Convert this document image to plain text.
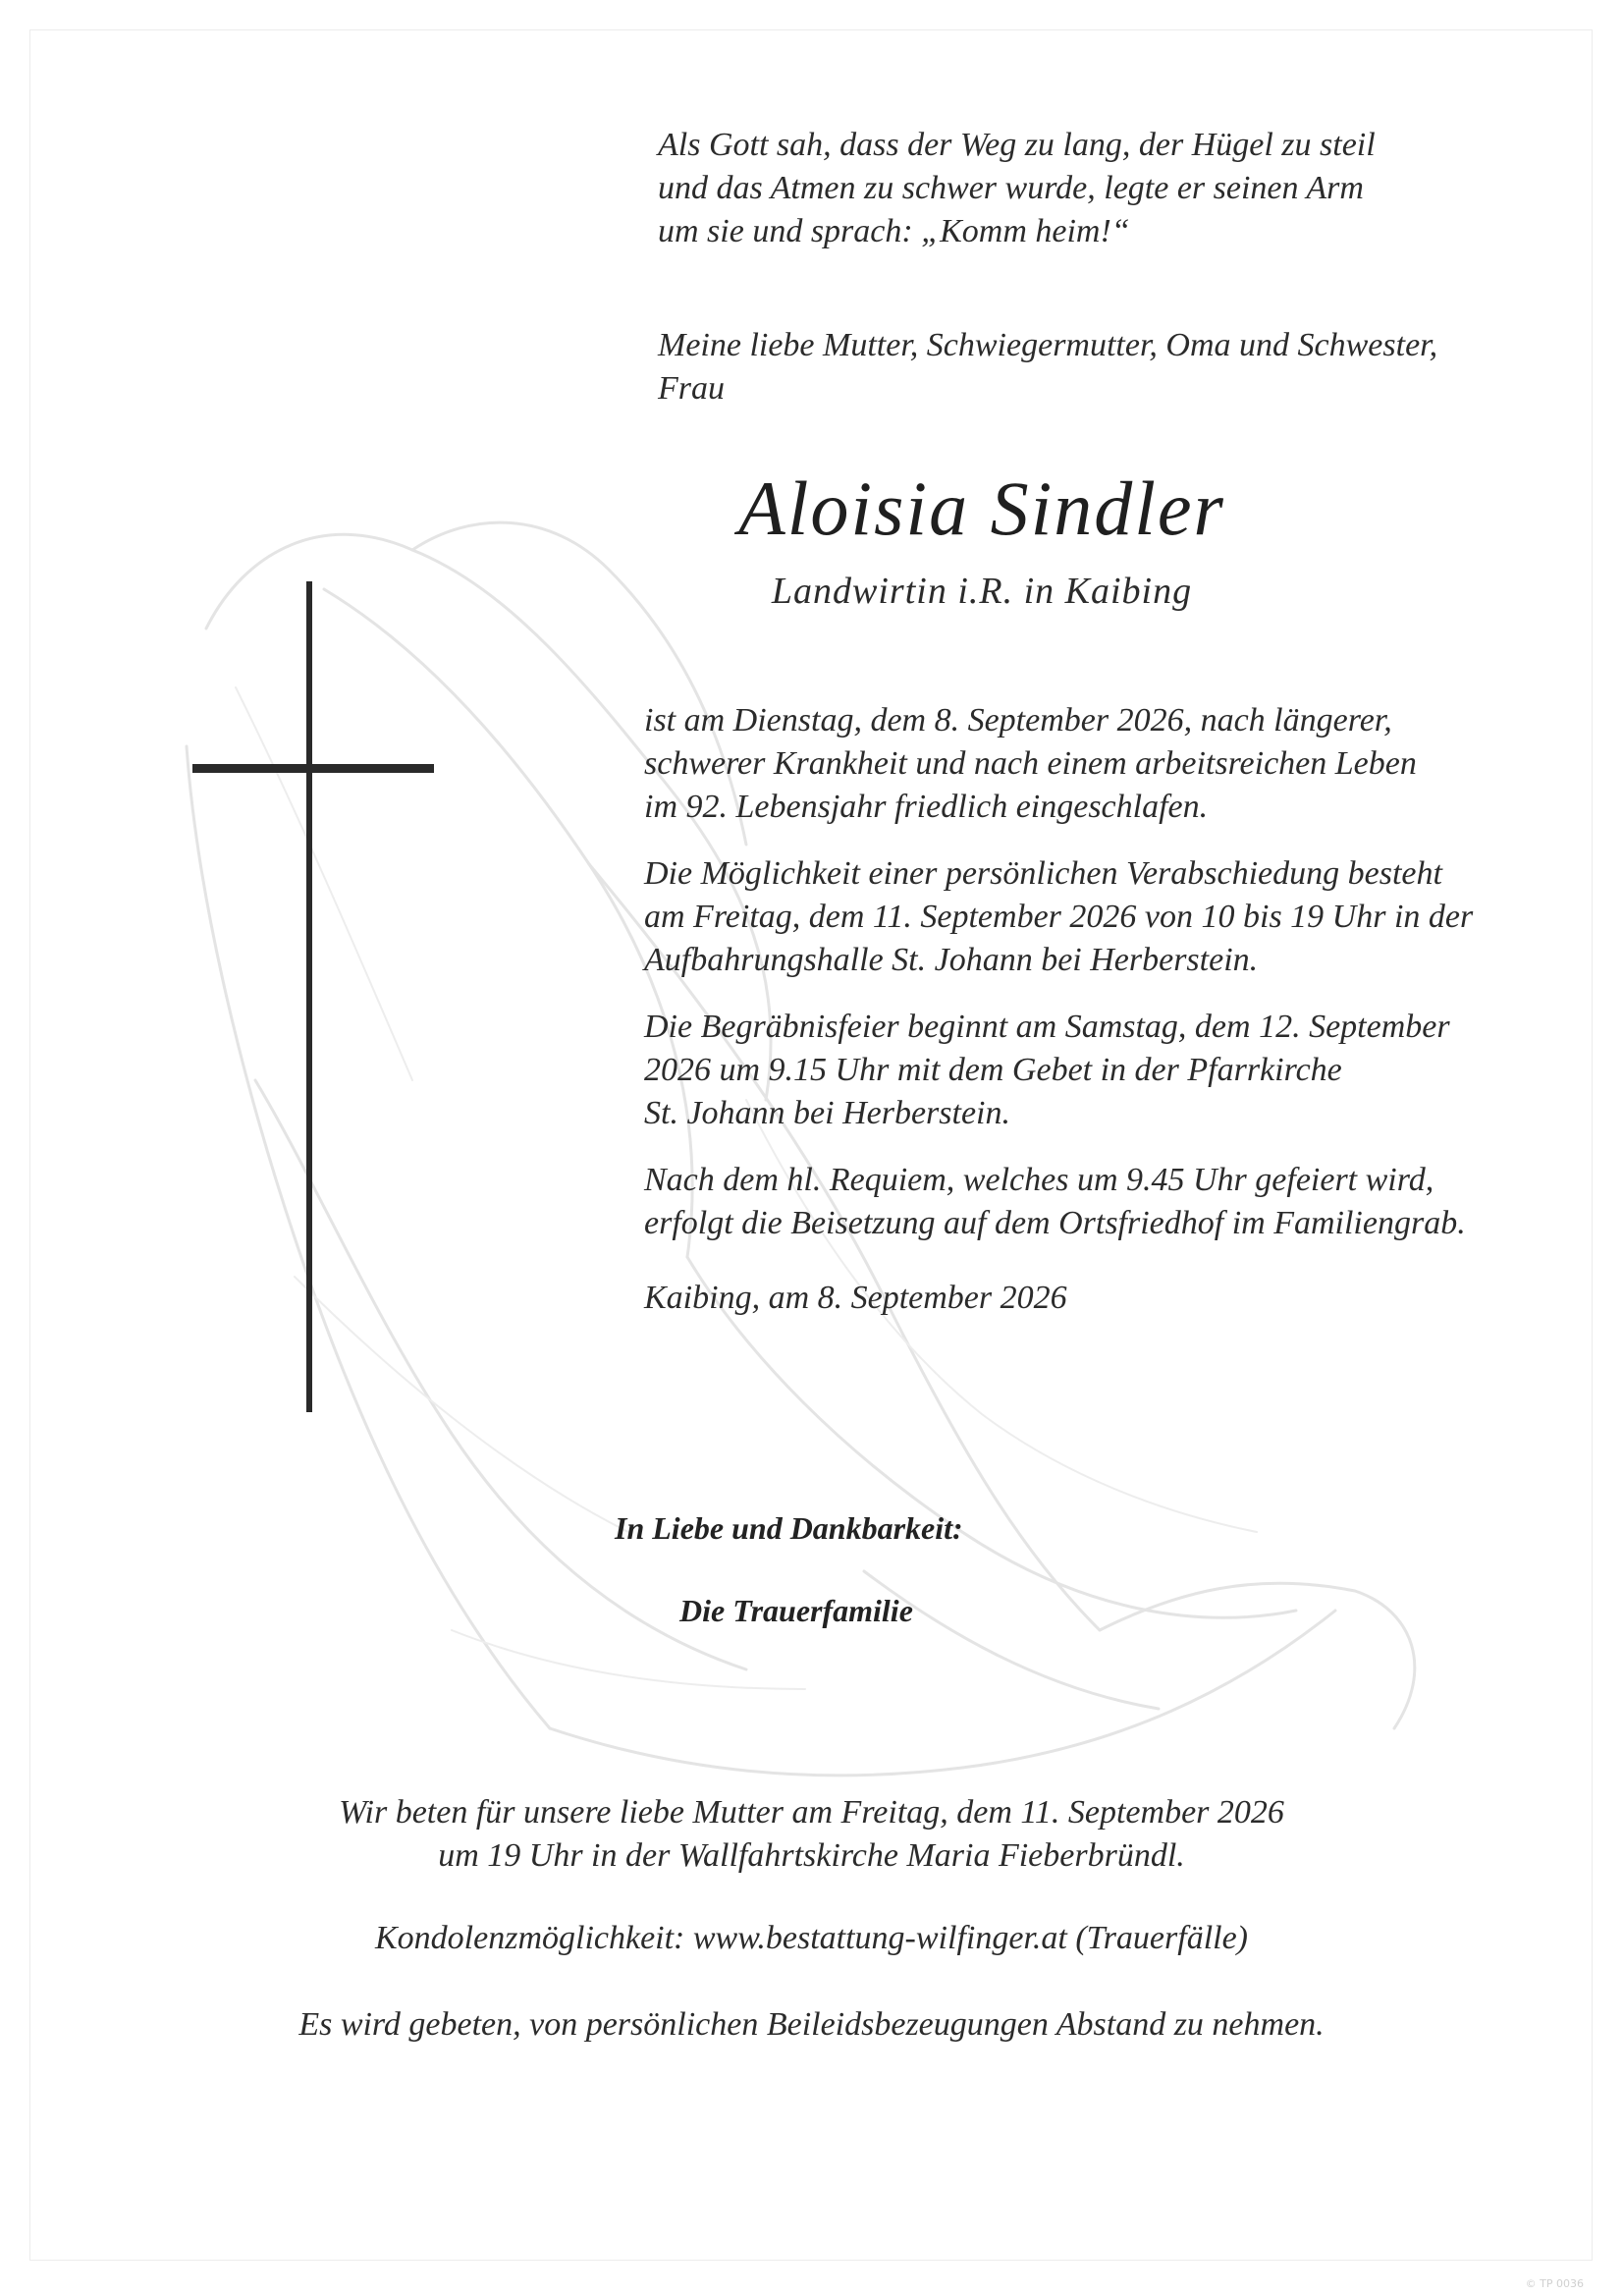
Als Gott sah, dass der Weg zu lang, der Hügel zu steil
und das Atmen zu schwer wurde, legte er seinen Arm
um sie und sprach: „Komm heim!“

Meine liebe Mutter, Schwiegermutter, Oma und Schwester,
Frau

Aloisia Sindler
Landwirtin i.R. in Kaibing

ist am Dienstag, dem 8. September 2026, nach längerer,
schwerer Krankheit und nach einem arbeitsreichen Leben
im 92. Lebensjahr friedlich eingeschlafen.

Die Möglichkeit einer persönlichen Verabschiedung besteht
am Freitag, dem 11. September 2026 von 10 bis 19 Uhr in der
Aufbahrungshalle St. Johann bei Herberstein.

Die Begräbnisfeier beginnt am Samstag, dem 12. September
2026 um 9.15 Uhr mit dem Gebet in der Pfarrkirche
St. Johann bei Herberstein.

Nach dem hl. Requiem, welches um 9.45 Uhr gefeiert wird,
erfolgt die Beisetzung auf dem Ortsfriedhof im Familiengrab.

Kaibing, am 8. September 2026

In Liebe und Dankbarkeit:

Die Trauerfamilie

Wir beten für unsere liebe Mutter am Freitag, dem 11. September 2026
um 19 Uhr in der Wallfahrtskirche Maria Fieberbründl.

Kondolenzmöglichkeit: www.bestattung-wilfinger.at (Trauerfälle)

Es wird gebeten, von persönlichen Beileidsbezeugungen Abstand zu nehmen.

© TP 0036
